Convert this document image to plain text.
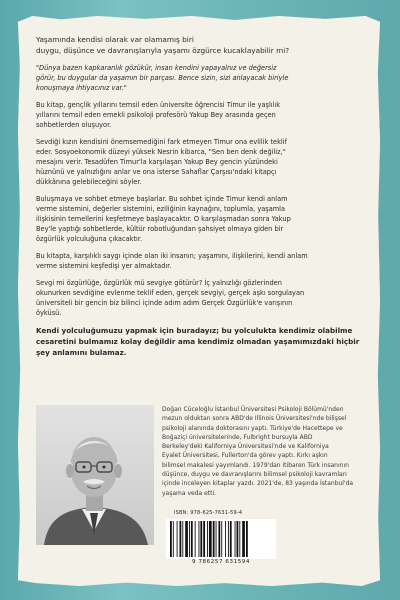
Yaşamında kendisi olarak var olamamış biri
duygu, düşünce ve davranışlarıyla yaşamı özgürce kucaklayabilir mi?

"Dünya bazen kapkaranlık gözükür, insan kendini yapayalnız ve değersiz
görür, bu duygular da yaşamın bir parçası. Bence sizin, sizi anlayacak biriyle
konuşmaya ihtiyacınız var."

Bu kitap, gençlik yıllarını temsil eden üniversite öğrencisi Timur ile yaşlılık
yıllarını temsil eden emekli psikoloji profesörü Yakup Bey arasında geçen
sohbetlerden oluşuyor.

Sevdiği kızın kendisini önemsemediğini fark etmeyen Timur ona evlilik teklif
eder. Sosyoekonomik düzeyi yüksek Nesrin kibarca, "Sen ben denk değiliz,"
mesajını verir. Tesadüfen Timur'la karşılaşan Yakup Bey gencin yüzündeki
hüznünü ve yalnızlığını anlar ve ona isterse Sahaflar Çarşısı'ndaki kitapçı
dükkânına gelebileceğini söyler.

Buluşmaya ve sohbet etmeye başlarlar. Bu sohbet içinde Timur kendi anlam
verme sistemini, değerler sistemini, eziliğinin kaynağını, toplumla, yaşamla
ilişkisinin temellerini keşfetmeye başlayacaktır. O karşılaşmadan sonra Yakup
Bey'le yaptığı sohbetlerde, kültür robotluğundan şahsiyet olmaya giden bir
özgürlük yolculuğuna çıkacaktır.

Bu kitapta, karşılıklı saygı içinde olan iki insanın; yaşamını, ilişkilerini, kendi anlam
verme sistemini keşfedişi yer almaktadır.

Sevgi mi özgürlüğe, özgürlük mü sevgiye götürür? İç yalnızlığı gözlerinden
okunurken sevdiğine evlenme teklif eden, gerçek sevgiyi, gerçek aşkı sorgulayan
üniversiteli bir gencin biz bilinci içinde adım adım Gerçek Özgürlük'e varışının
öyküsü.

Kendi yolculuğumuzu yapmak için buradayız; bu yolculukta kendimiz olabilme
cesaretini bulmamız kolay değildir ama kendimiz olmadan yaşamımızdaki hiçbir
şey anlamını bulamaz.

Doğan Cüceloğlu İstanbul Üniversitesi Psikoloji Bölümü'nden
mezun olduktan sonra ABD'de Illinois Üniversitesi'nde bilişsel
psikoloji alanında doktorasını yaptı. Türkiye'de Hacettepe ve
Boğaziçi üniversitelerinde, Fulbright bursuyla ABD
Berkeley'deki Kaliforniya Üniversitesi'nde ve Kaliforniya
Eyalet Üniversitesi, Fullerton'da görev yaptı. Kırkı aşkın
bilimsel makalesi yayımlandı. 1979'dan itibaren Türk insanının
düşünce, duygu ve davranışlarını bilimsel psikoloji kavramları
içinde inceleyen kitaplar yazdı. 2021'de, 83 yaşında İstanbul'da
yaşama veda etti.
ISBN: 978-625-7631-59-4
9 786257 631594
